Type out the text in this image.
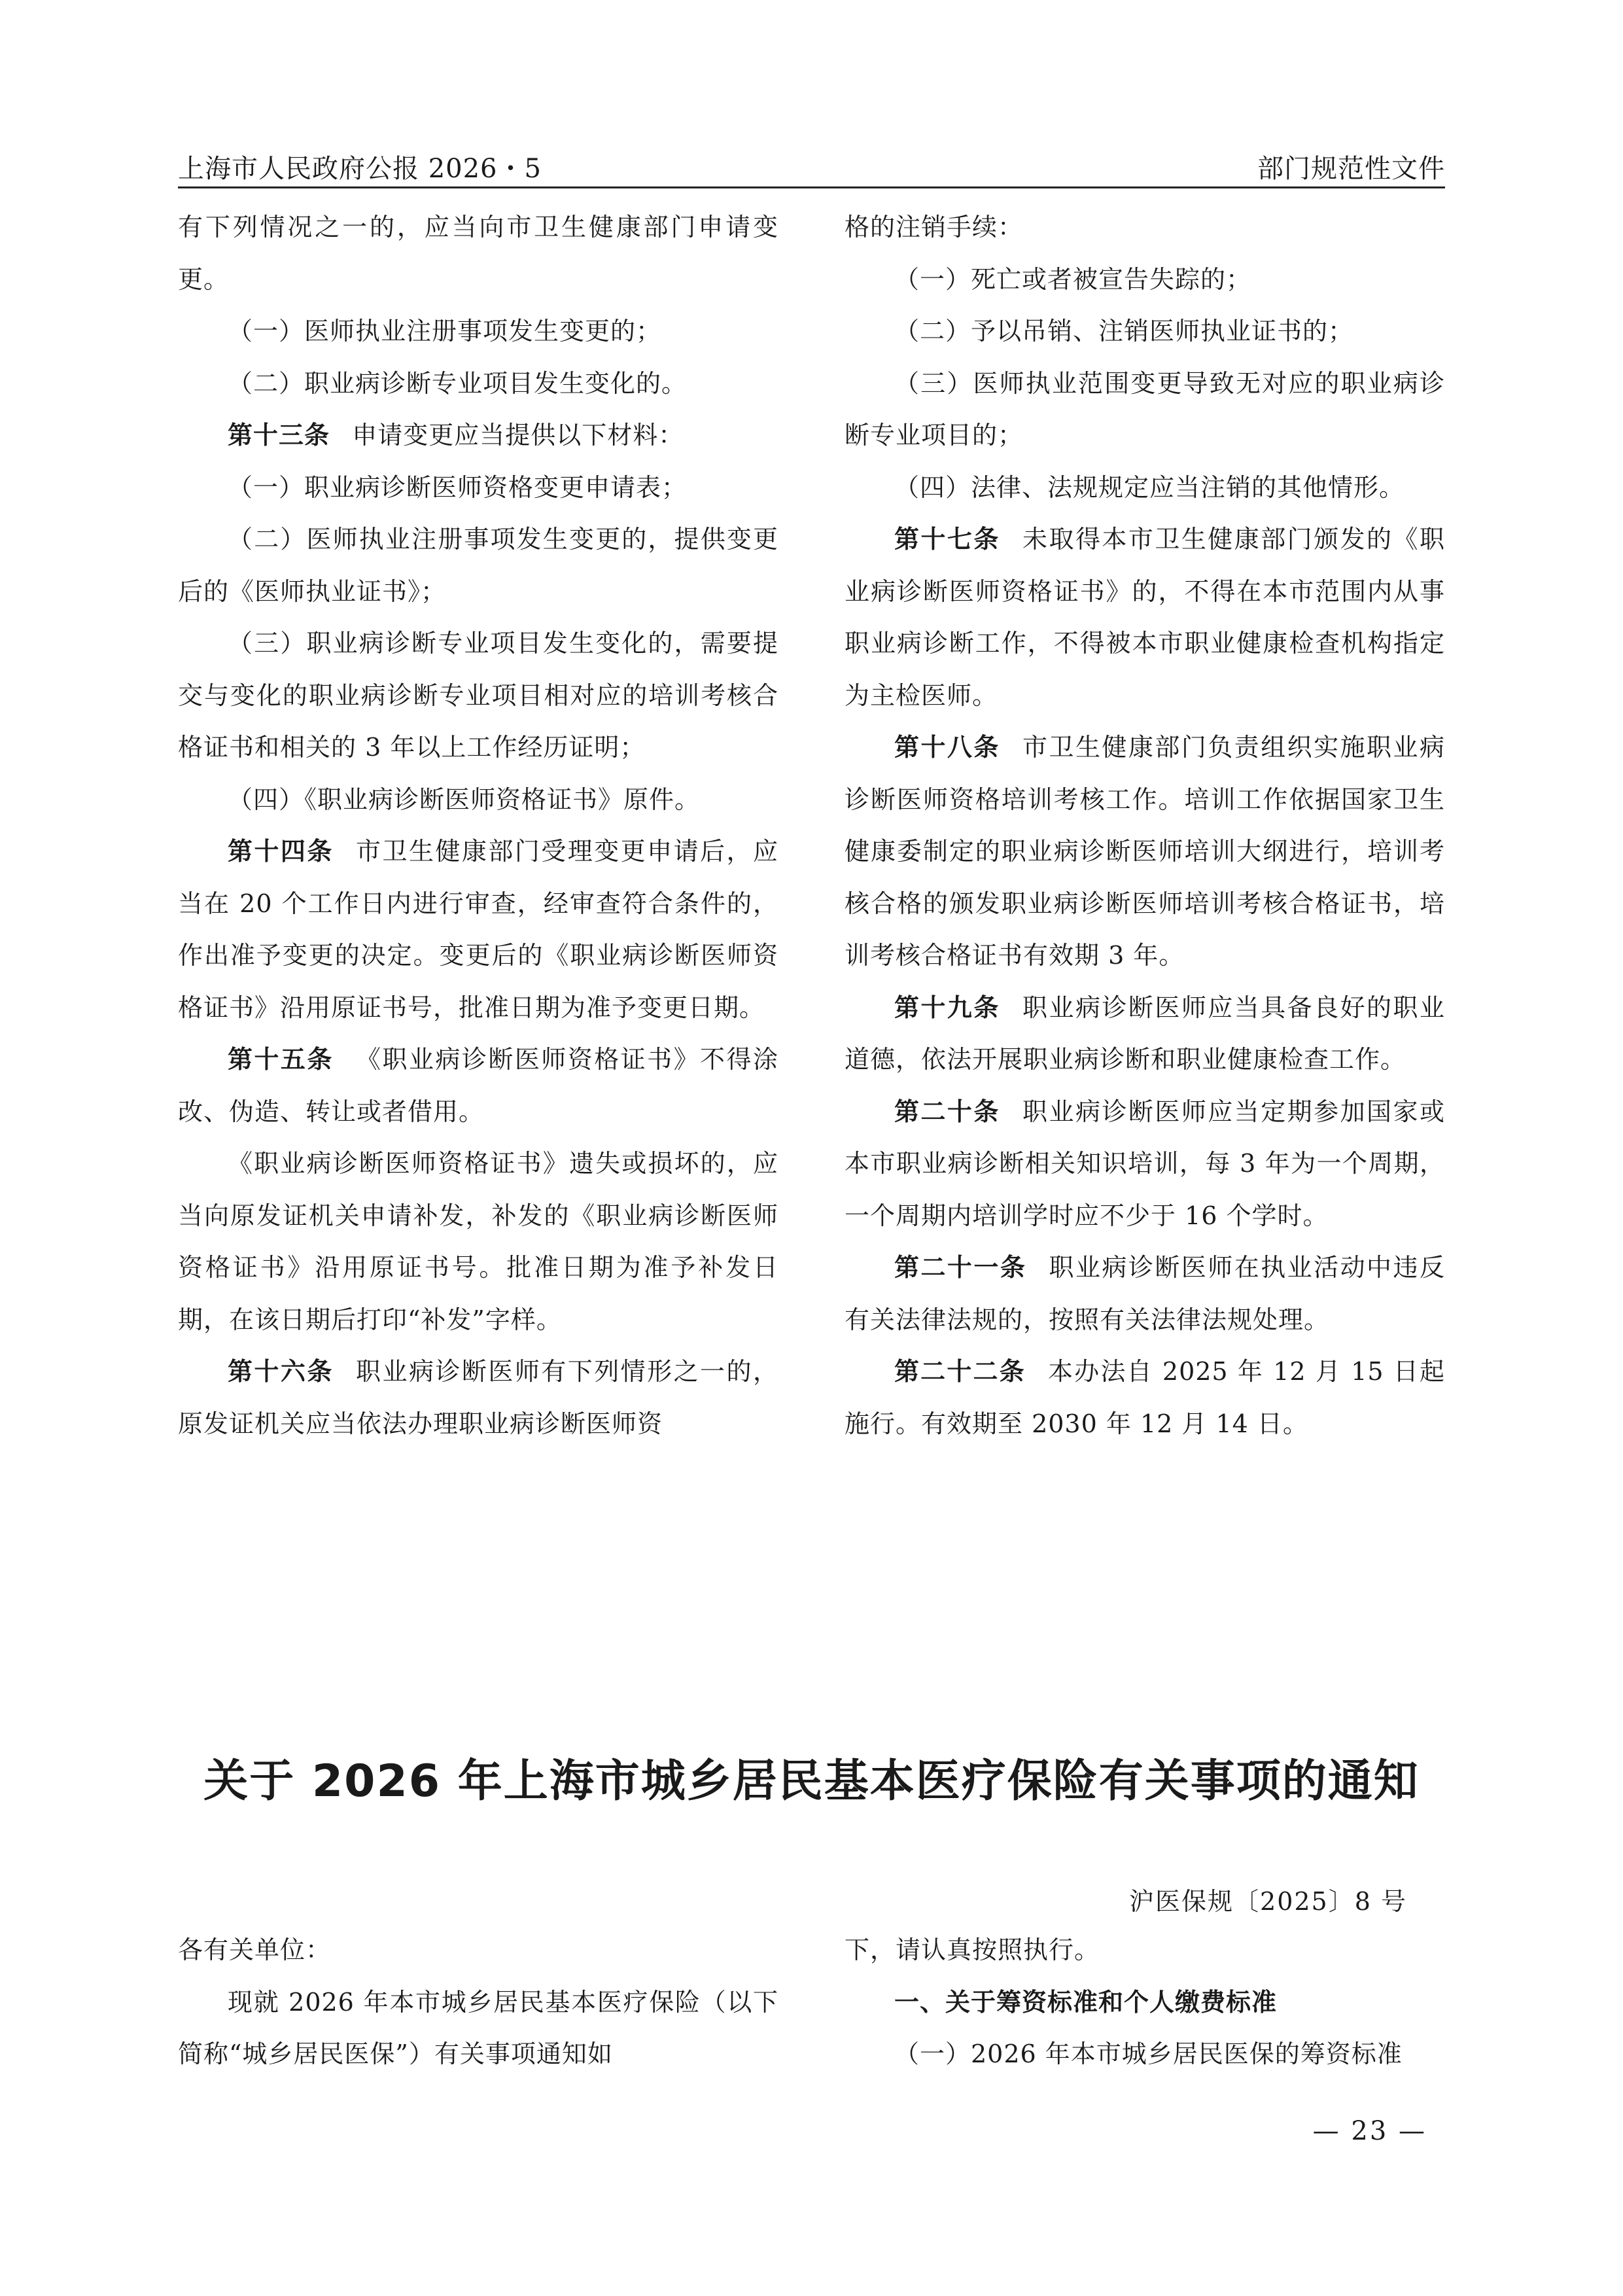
上海市人民政府公报 2026・5	部门规范性文件

有下列情况之一的，应当向市卫生健康部门申请变更。

（一）医师执业注册事项发生变更的；

（二）职业病诊断专业项目发生变化的。

第十三条 申请变更应当提供以下材料：

（一）职业病诊断医师资格变更申请表；

（二）医师执业注册事项发生变更的，提供变更后的《医师执业证书》；

（三）职业病诊断专业项目发生变化的，需要提交与变化的职业病诊断专业项目相对应的培训考核合格证书和相关的 3 年以上工作经历证明；

（四）《职业病诊断医师资格证书》原件。

第十四条 市卫生健康部门受理变更申请后，应当在 20 个工作日内进行审查，经审查符合条件的，作出准予变更的决定。变更后的《职业病诊断医师资格证书》沿用原证书号，批准日期为准予变更日期。

第十五条 《职业病诊断医师资格证书》不得涂改、伪造、转让或者借用。

《职业病诊断医师资格证书》遗失或损坏的，应当向原发证机关申请补发，补发的《职业病诊断医师资格证书》沿用原证书号。批准日期为准予补发日期，在该日期后打印“补发”字样。

第十六条 职业病诊断医师有下列情形之一的，原发证机关应当依法办理职业病诊断医师资

格的注销手续：

（一）死亡或者被宣告失踪的；

（二）予以吊销、注销医师执业证书的；

（三）医师执业范围变更导致无对应的职业病诊断专业项目的；

（四）法律、法规规定应当注销的其他情形。

第十七条 未取得本市卫生健康部门颁发的《职业病诊断医师资格证书》的，不得在本市范围内从事职业病诊断工作，不得被本市职业健康检查机构指定为主检医师。

第十八条 市卫生健康部门负责组织实施职业病诊断医师资格培训考核工作。培训工作依据国家卫生健康委制定的职业病诊断医师培训大纲进行，培训考核合格的颁发职业病诊断医师培训考核合格证书，培训考核合格证书有效期 3 年。

第十九条 职业病诊断医师应当具备良好的职业道德，依法开展职业病诊断和职业健康检查工作。

第二十条 职业病诊断医师应当定期参加国家或本市职业病诊断相关知识培训，每 3 年为一个周期，一个周期内培训学时应不少于 16 个学时。

第二十一条 职业病诊断医师在执业活动中违反有关法律法规的，按照有关法律法规处理。

第二十二条 本办法自 2025 年 12 月 15 日起施行。有效期至 2030 年 12 月 14 日。

关于 2026 年上海市城乡居民基本医疗保险有关事项的通知
沪医保规〔2025〕8 号

各有关单位：

现就 2026 年本市城乡居民基本医疗保险（以下简称“城乡居民医保”）有关事项通知如

下，请认真按照执行。

一、关于筹资标准和个人缴费标准

（一）2026 年本市城乡居民医保的筹资标准

— 23 —
